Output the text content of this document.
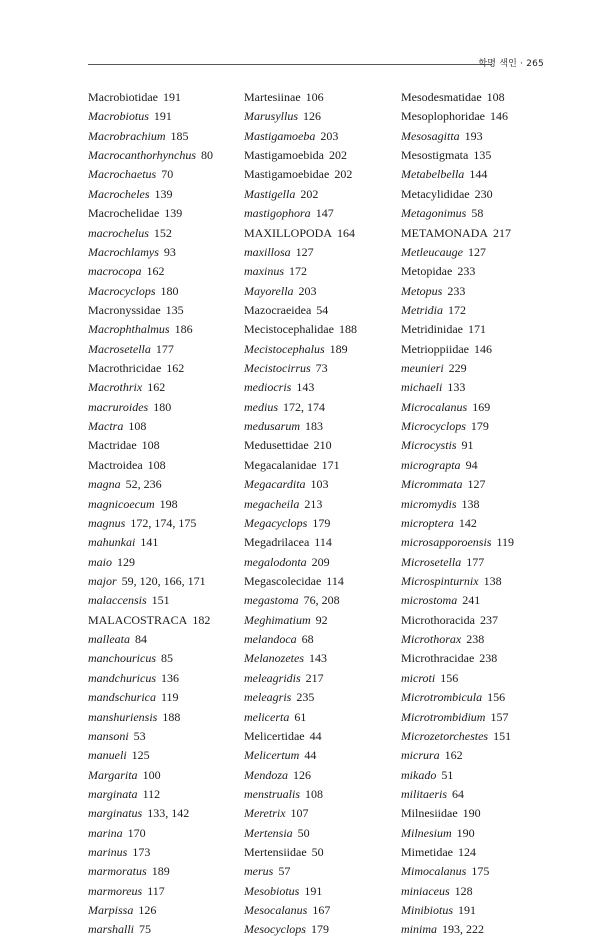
학명 색인 · 265
Macrobiotidae 191
Macrobiotus 191
Macrobrachium 185
Macrocanthorhynchus 80
Macrochaetus 70
Macrocheles 139
Macrochelidae 139
macrochelus 152
Macrochlamys 93
macrocopa 162
Macrocyclops 180
Macronyssidae 135
Macrophthalmus 186
Macrosetella 177
Macrothricidae 162
Macrothrix 162
macruroides 180
Mactra 108
Mactridae 108
Mactroidea 108
magna 52, 236
magnicoecum 198
magnus 172, 174, 175
mahunkai 141
maio 129
major 59, 120, 166, 171
malaccensis 151
MALACOSTRACA 182
malleata 84
manchouricus 85
mandchuricus 136
mandschurica 119
manshuriensis 188
mansoni 53
manueli 125
Margarita 100
marginata 112
marginatus 133, 142
marina 170
marinus 173
marmoratus 189
marmoreus 117
Marpissa 126
marshalli 75
Martesiinae 106
Marusyllus 126
Mastigamoeba 203
Mastigamoebida 202
Mastigamoebidae 202
Mastigella 202
mastigophora 147
MAXILLOPODA 164
maxillosa 127
maxinus 172
Mayorella 203
Mazocraeidea 54
Mecistocephalidae 188
Mecistocephalus 189
Mecistocirrus 73
mediocris 143
medius 172, 174
medusarum 183
Medusettidae 210
Megacalanidae 171
Megacardita 103
megacheila 213
Megacyclops 179
Megadrilacea 114
megalodonta 209
Megascolecidae 114
megastoma 76, 208
Meghimatium 92
melandoca 68
Melanozetes 143
meleagridis 217
meleagris 235
melicerta 61
Melicertidae 44
Melicertum 44
Mendoza 126
menstrualis 108
Meretrix 107
Mertensia 50
Mertensiidae 50
merus 57
Mesobiotus 191
Mesocalanus 167
Mesocyclops 179
Mesodesmatidae 108
Mesoplophoridae 146
Mesosagitta 193
Mesostigmata 135
Metabelbella 144
Metacylididae 230
Metagonimus 58
METAMONADA 217
Metleucauge 127
Metopidae 233
Metopus 233
Metridia 172
Metridinidae 171
Metrioppiidae 146
meunieri 229
michaeli 133
Microcalanus 169
Microcyclops 179
Microcystis 91
micrograpta 94
Micrommata 127
micromydis 138
microptera 142
microsapporoensis 119
Microsetella 177
Microspinturnix 138
microstoma 241
Microthoracida 237
Microthorax 238
Microthracidae 238
microti 156
Microtrombicula 156
Microtrombidium 157
Microzetorchestes 151
micrura 162
mikado 51
militaeris 64
Milnesiidae 190
Milnesium 190
Mimetidae 124
Mimocalanus 175
miniaceus 128
Minibiotus 191
minima 193, 222
